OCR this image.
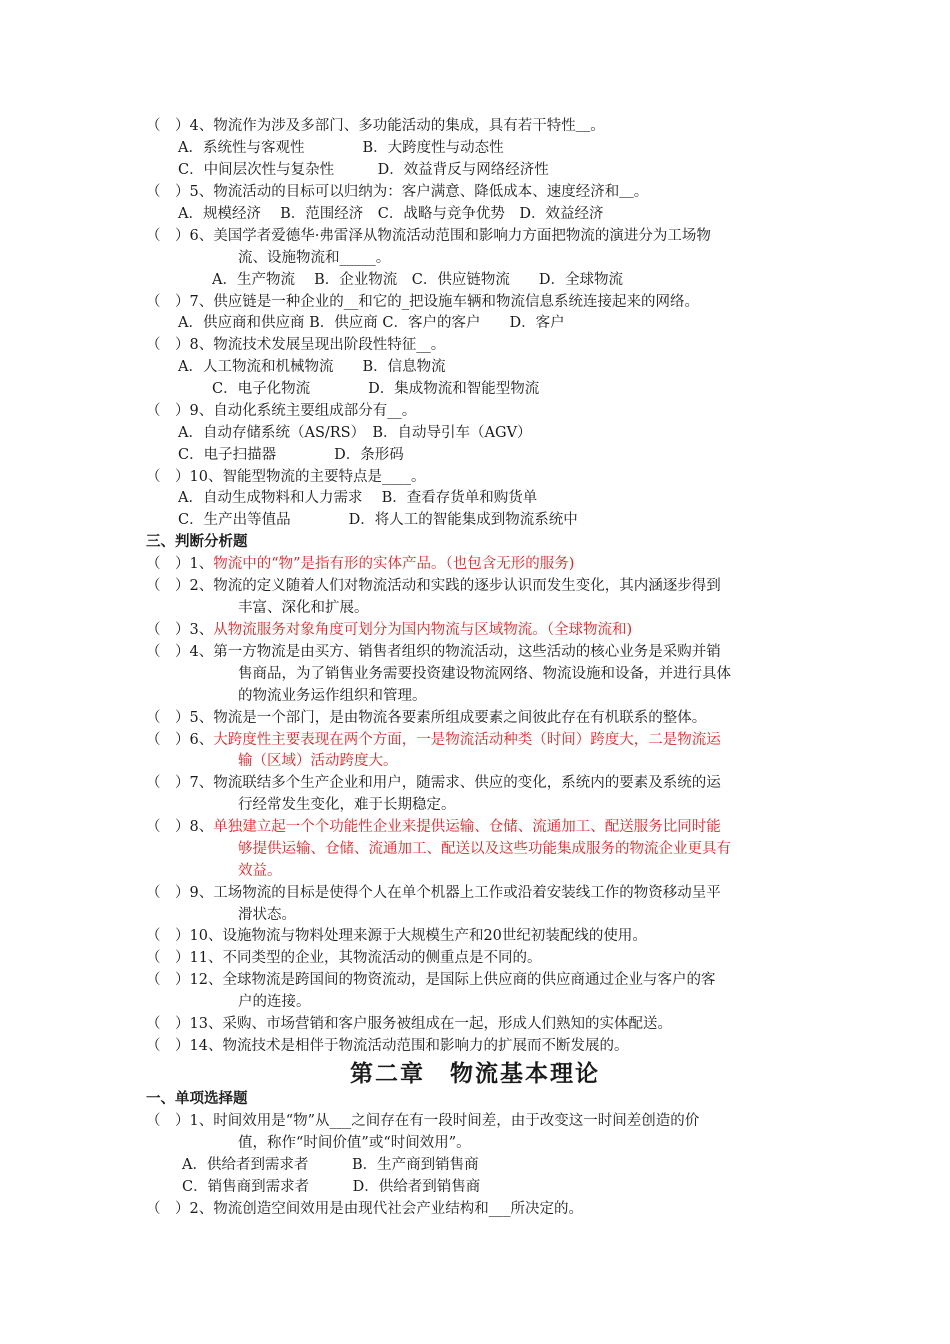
（　）4、物流作为涉及多部门、多功能活动的集成，具有若干特性＿。
A．系统性与客观性　　　　B．大跨度性与动态性
C．中间层次性与复杂性　　　D．效益背反与网络经济性
（　）5、物流活动的目标可以归纳为：客户满意、降低成本、速度经济和＿。
A．规模经济　 B．范围经济　C．战略与竞争优势　D．效益经济
（　）6、美国学者爱德华·弗雷泽从物流活动范围和影响力方面把物流的演进分为工场物
流、设施物流和_____。
A．生产物流　 B．企业物流　C．供应链物流　　D．全球物流
（　）7、供应链是一种企业的__和它的_把设施车辆和物流信息系统连接起来的网络。
A．供应商和供应商 B．供应商 C．客户的客户　　D．客户
（　）8、物流技术发展呈现出阶段性特征__。
A．人工物流和机械物流　　B．信息物流
C．电子化物流　　　　D．集成物流和智能型物流
（　）9、自动化系统主要组成部分有__。
A．自动存储系统（AS/RS）　B．自动导引车（AGV）
C．电子扫描器　　　　D．条形码
（　）10、智能型物流的主要特点是____。
A．自动生成物料和人力需求　 B．查看存货单和购货单
C．生产出等值品　　　　D．将人工的智能集成到物流系统中
三、判断分析题
（　）1、物流中的“物”是指有形的实体产品。（也包含无形的服务)
（　）2、物流的定义随着人们对物流活动和实践的逐步认识而发生变化，其内涵逐步得到
丰富、深化和扩展。
（　）3、从物流服务对象角度可划分为国内物流与区域物流。（全球物流和)
（　）4、第一方物流是由买方、销售者组织的物流活动，这些活动的核心业务是采购并销
售商品，为了销售业务需要投资建设物流网络、物流设施和设备，并进行具体
的物流业务运作组织和管理。
（　）5、物流是一个部门，是由物流各要素所组成要素之间彼此存在有机联系的整体。
（　）6、大跨度性主要表现在两个方面，一是物流活动种类（时间）跨度大，二是物流运
输（区域）活动跨度大。
（　）7、物流联结多个生产企业和用户，随需求、供应的变化，系统内的要素及系统的运
行经常发生变化，难于长期稳定。
（　）8、单独建立起一个个功能性企业来提供运输、仓储、流通加工、配送服务比同时能
够提供运输、仓储、流通加工、配送以及这些功能集成服务的物流企业更具有
效益。
（　）9、工场物流的目标是使得个人在单个机器上工作或沿着安装线工作的物资移动呈平
滑状态。
（　）10、设施物流与物料处理来源于大规模生产和20世纪初装配线的使用。
（　）11、不同类型的企业，其物流活动的侧重点是不同的。
（　）12、全球物流是跨国间的物资流动，是国际上供应商的供应商通过企业与客户的客
户的连接。
（　）13、采购、市场营销和客户服务被组成在一起，形成人们熟知的实体配送。
（　）14、物流技术是相伴于物流活动范围和影响力的扩展而不断发展的。
第二章　物流基本理论
一、单项选择题
（　）1、时间效用是“物”从___之间存在有一段时间差，由于改变这一时间差创造的价
值，称作“时间价值”或“时间效用”。
A．供给者到需求者　　　B．生产商到销售商
C．销售商到需求者　　　D．供给者到销售商
（　）2、物流创造空间效用是由现代社会产业结构和___所决定的。
